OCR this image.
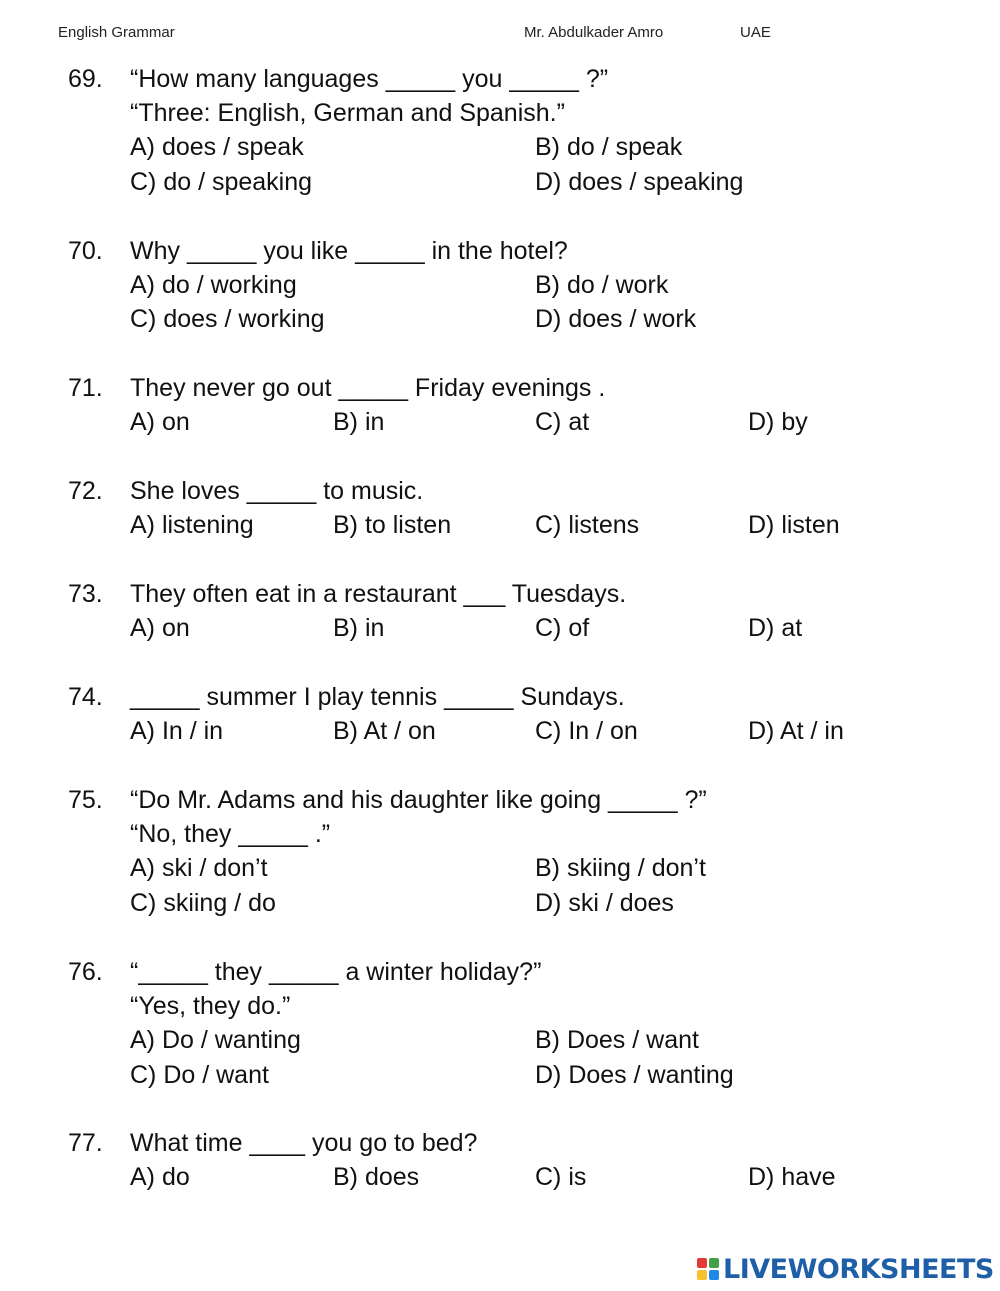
English Grammar	Mr. Abdulkader Amro	UAE
69. “How many languages _____ you _____ ?”
“Three: English, German and Spanish.”
A) does / speak	B) do / speak
C) do / speaking	D) does / speaking
70. Why _____ you like _____ in the hotel?
A) do / working	B) do / work
C) does / working	D) does / work
71. They never go out _____ Friday evenings .
A) on	B) in	C) at	D) by
72. She loves _____ to music.
A) listening	B) to listen	C) listens	D) listen
73. They often eat in a restaurant ___ Tuesdays.
A) on	B) in	C) of	D) at
74. _____ summer I play tennis _____ Sundays.
A) In / in	B) At / on	C) In / on	D) At / in
75. “Do Mr. Adams and his daughter like going _____ ?”
“No, they _____ .”
A) ski / don’t	B) skiing / don’t
C) skiing / do	D) ski / does
76. “_____ they _____ a winter holiday?”
“Yes, they do.”
A) Do / wanting	B) Does / want
C) Do / want	D) Does / wanting
77. What time ____ you go to bed?
A) do	B) does	C) is	D) have
LIVEWORKSHEETS
